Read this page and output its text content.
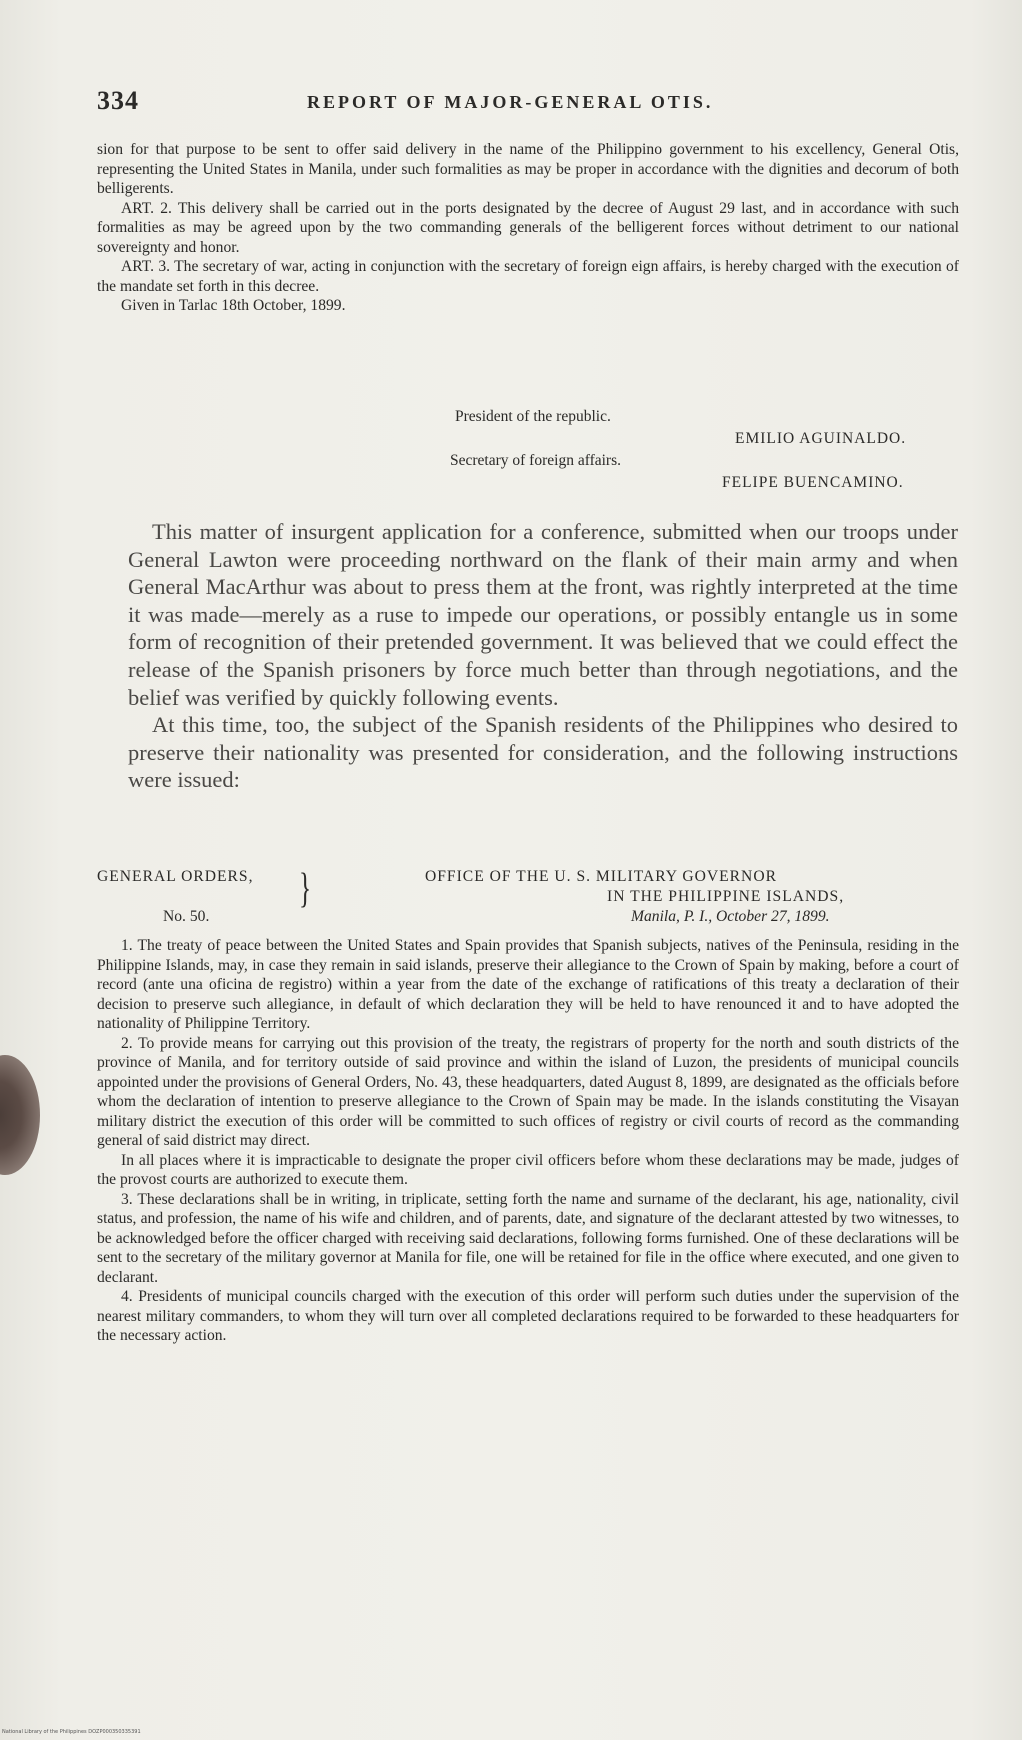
334	REPORT OF MAJOR-GENERAL OTIS.

sion for that purpose to be sent to offer said delivery in the name of the Philippino government to his excellency, General Otis, representing the United States in Manila, under such formalities as may be proper in accordance with the dignities and decorum of both belligerents.

ART. 2. This delivery shall be carried out in the ports designated by the decree of August 29 last, and in accordance with such formalities as may be agreed upon by the two commanding generals of the belligerent forces without detriment to our national sovereignty and honor.

ART. 3. The secretary of war, acting in conjunction with the secretary of foreign eign affairs, is hereby charged with the execution of the mandate set forth in this decree.

Given in Tarlac 18th October, 1899.

President of the republic.
EMILIO AGUINALDO.
Secretary of foreign affairs.
FELIPE BUENCAMINO.

This matter of insurgent application for a conference, submitted when our troops under General Lawton were proceeding northward on the flank of their main army and when General MacArthur was about to press them at the front, was rightly interpreted at the time it was made—merely as a ruse to impede our operations, or possibly entangle us in some form of recognition of their pretended government. It was believed that we could effect the release of the Spanish prisoners by force much better than through negotiations, and the belief was verified by quickly following events.

At this time, too, the subject of the Spanish residents of the Philippines who desired to preserve their nationality was presented for consideration, and the following instructions were issued:

GENERAL ORDERS,
No. 50.
}	OFFICE OF THE U. S. MILITARY GOVERNOR
IN THE PHILIPPINE ISLANDS,
Manila, P. I., October 27, 1899.

1. The treaty of peace between the United States and Spain provides that Spanish subjects, natives of the Peninsula, residing in the Philippine Islands, may, in case they remain in said islands, preserve their allegiance to the Crown of Spain by making, before a court of record (ante una oficina de registro) within a year from the date of the exchange of ratifications of this treaty a declaration of their decision to preserve such allegiance, in default of which declaration they will be held to have renounced it and to have adopted the nationality of Philippine Territory.

2. To provide means for carrying out this provision of the treaty, the registrars of property for the north and south districts of the province of Manila, and for territory outside of said province and within the island of Luzon, the presidents of municipal councils appointed under the provisions of General Orders, No. 43, these headquarters, dated August 8, 1899, are designated as the officials before whom the declaration of intention to preserve allegiance to the Crown of Spain may be made. In the islands constituting the Visayan military district the execution of this order will be committed to such offices of registry or civil courts of record as the commanding general of said district may direct.

In all places where it is impracticable to designate the proper civil officers before whom these declarations may be made, judges of the provost courts are authorized to execute them.

3. These declarations shall be in writing, in triplicate, setting forth the name and surname of the declarant, his age, nationality, civil status, and profession, the name of his wife and children, and of parents, date, and signature of the declarant attested by two witnesses, to be acknowledged before the officer charged with receiving said declarations, following forms furnished. One of these declarations will be sent to the secretary of the military governor at Manila for file, one will be retained for file in the office where executed, and one given to declarant.

4. Presidents of municipal councils charged with the execution of this order will perform such duties under the supervision of the nearest military commanders, to whom they will turn over all completed declarations required to be forwarded to these headquarters for the necessary action.

National Library of the Philippines DOZP000350335391
